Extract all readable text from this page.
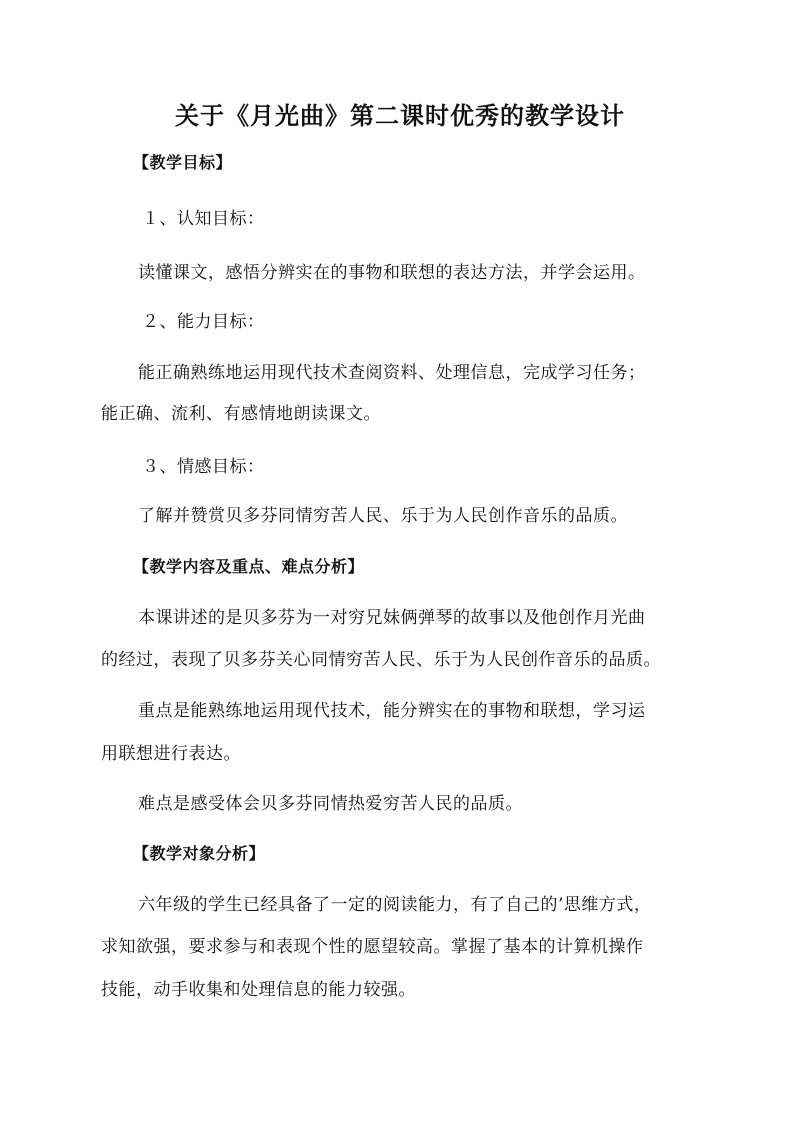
关于《月光曲》第二课时优秀的教学设计
【教学目标】
１、认知目标：
读懂课文，感悟分辨实在的事物和联想的表达方法，并学会运用。
２、能力目标：
能正确熟练地运用现代技术查阅资料、处理信息，完成学习任务；
能正确、流利、有感情地朗读课文。
３、情感目标：
了解并赞赏贝多芬同情穷苦人民、乐于为人民创作音乐的品质。
【教学内容及重点、难点分析】
本课讲述的是贝多芬为一对穷兄妹俩弹琴的故事以及他创作月光曲
的经过，表现了贝多芬关心同情穷苦人民、乐于为人民创作音乐的品质。
重点是能熟练地运用现代技术，能分辨实在的事物和联想，学习运
用联想进行表达。
难点是感受体会贝多芬同情热爱穷苦人民的品质。
【教学对象分析】
六年级的学生已经具备了一定的阅读能力，有了自己的’思维方式，
求知欲强，要求参与和表现个性的愿望较高。掌握了基本的计算机操作
技能，动手收集和处理信息的能力较强。
